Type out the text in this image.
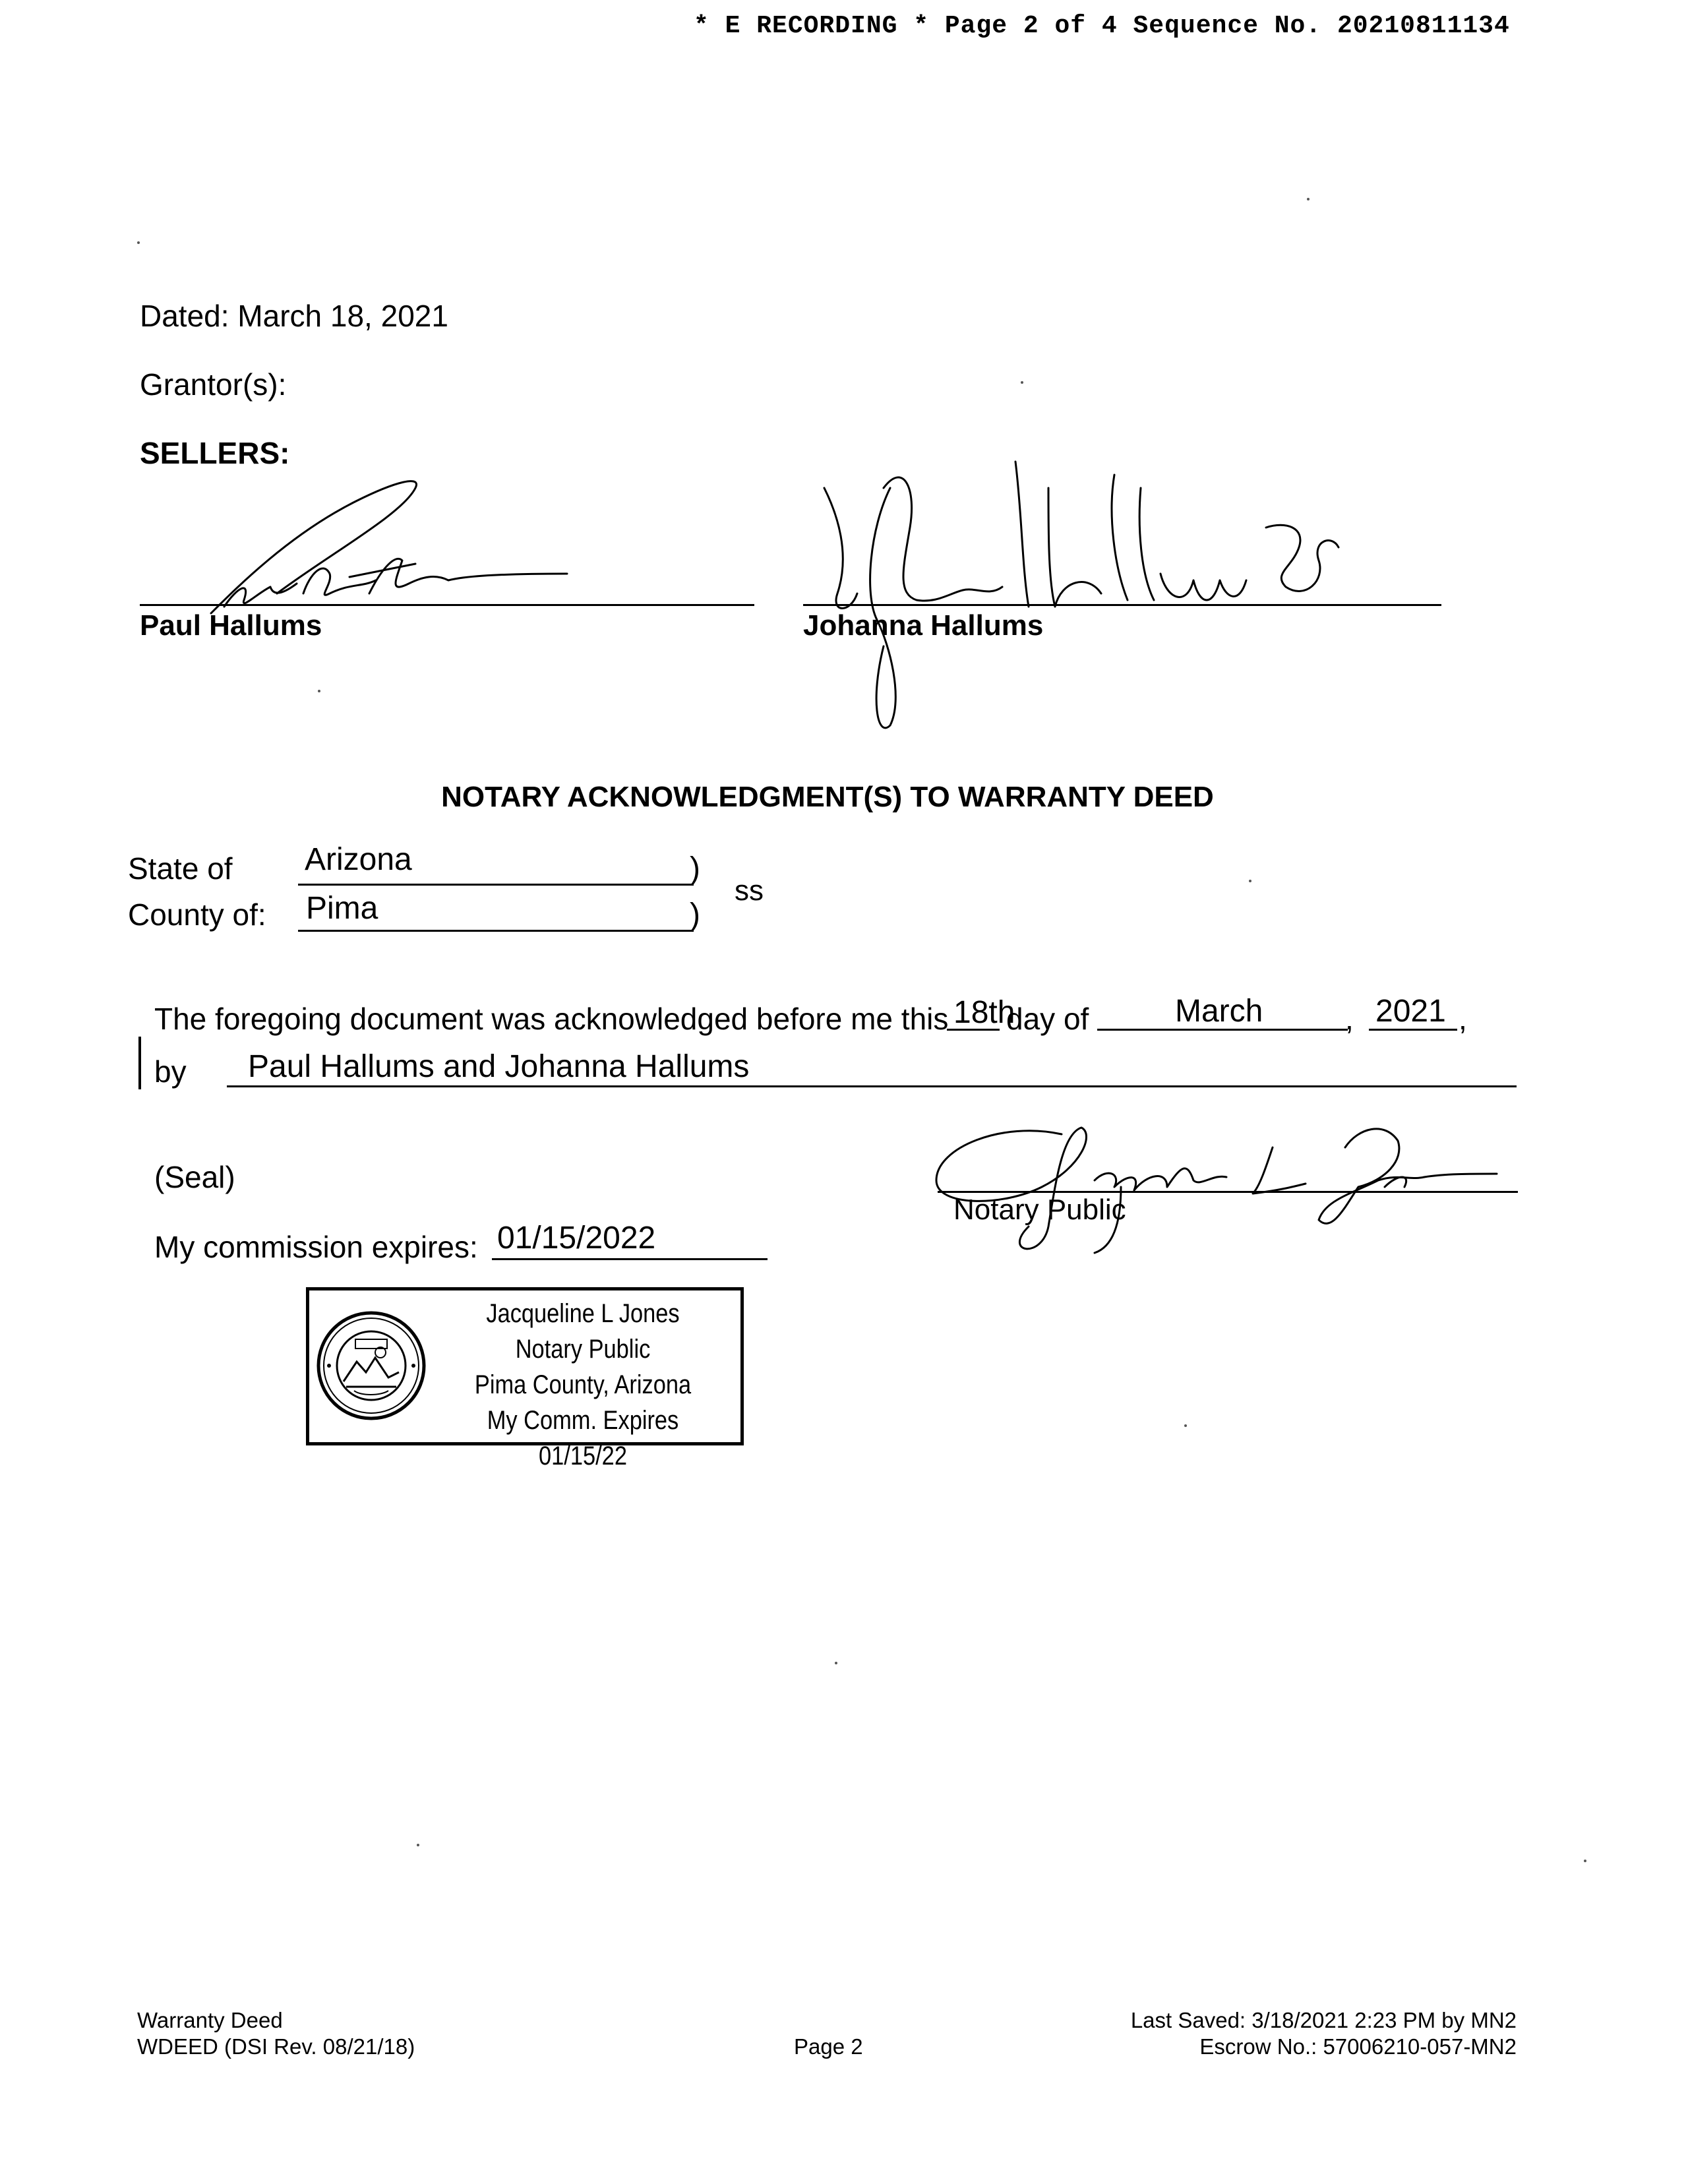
* E RECORDING * Page 2 of 4 Sequence No. 20210811134
Dated: March 18, 2021
Grantor(s):
SELLERS:
Paul Hallums	Johanna Hallums
NOTARY ACKNOWLEDGMENT(S) TO WARRANTY DEED
State of Arizona	)
County of: Pima	)
ss
The foregoing document was acknowledged before me this 18th
day of	March	, 2021 ,
by Paul Hallums and Johanna Hallums
(Seal)
My commission expires: 01/15/2022
Notary Public
Jacqueline L Jones
Notary Public
Pima County, Arizona
My Comm. Expires 01/15/22
Warranty Deed
WDEED (DSI Rev. 08/21/18)	Page 2
Last Saved: 3/18/2021 2:23 PM by MN2
Escrow No.: 57006210-057-MN2
